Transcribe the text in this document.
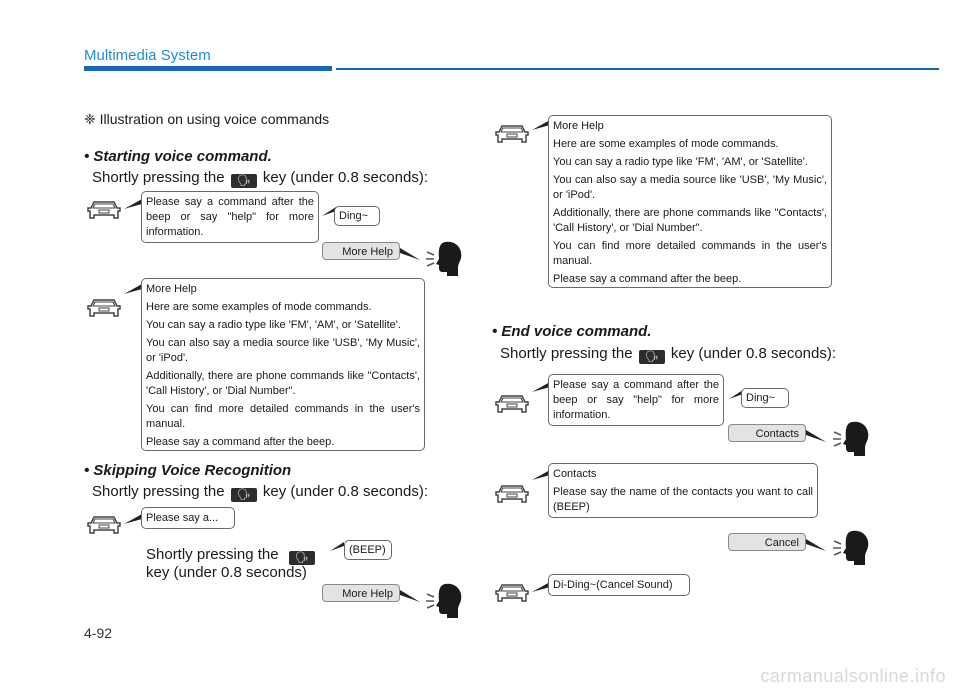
Multimedia System
❈ Illustration on using voice commands
• Starting voice command.
Shortly pressing the 🗣 key (under 0.8 seconds):
Please say a command after the beep or say "help" for more information.
Ding~
More Help

More Help

Here are some examples of mode commands.

You can say a radio type like 'FM', 'AM', or 'Satellite'.

You can also say a media source like 'USB', 'My Music', or 'iPod'.

Additionally, there are phone commands like "Contacts', 'Call History', or 'Dial Number".

You can find more detailed commands in the user's manual.

Please say a command after the beep.

• Skipping Voice Recognition
Shortly pressing the 🗣 key (under 0.8 seconds):
Please say a...
Shortly pressing the 🗣
key (under 0.8 seconds)
(BEEP)
More Help

More Help

Here are some examples of mode commands.

You can say a radio type like 'FM', 'AM', or 'Satellite'.

You can also say a media source like 'USB', 'My Music', or 'iPod'.

Additionally, there are phone commands like "Contacts', 'Call History', or 'Dial Number".

You can find more detailed commands in the user's manual.

Please say a command after the beep.

• End voice command.
Shortly pressing the 🗣 key (under 0.8 seconds):
Please say a command after the beep or say "help" for more information.
Ding~
Contacts

Contacts

Please say the name of the contacts you want to call (BEEP)

Cancel
Di-Ding~(Cancel Sound)
4-92
carmanualsonline.info
